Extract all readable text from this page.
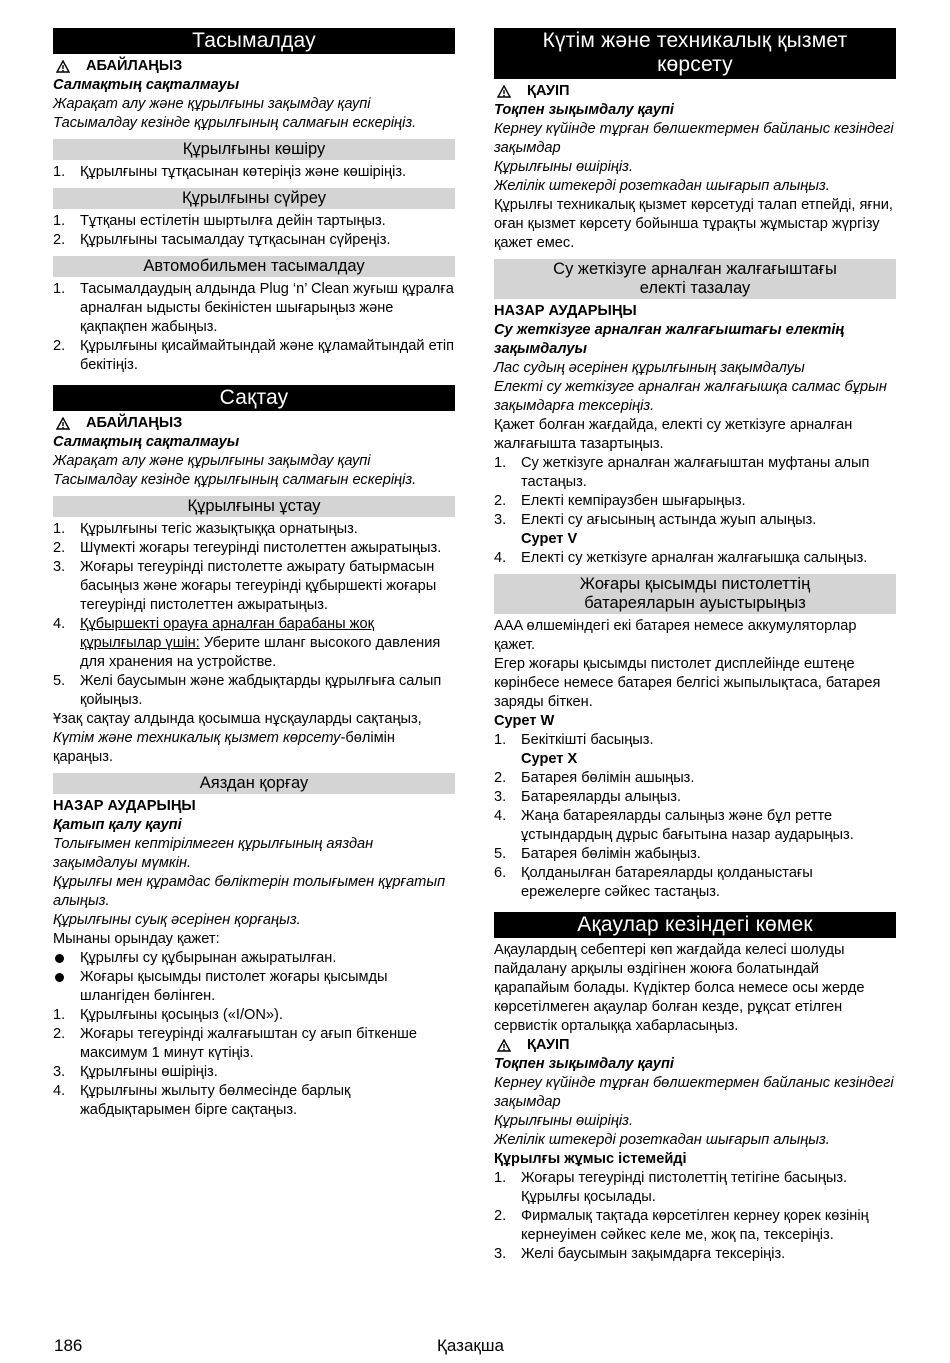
Тасымалдау
АБАЙЛАҢЫЗ
Салмақтың сақталмауы
Жарақат алу және құрылғыны зақымдау қаупі
Тасымалдау кезінде құрылғының салмағын ескеріңіз.
Құрылғыны көшіру
1.	Құрылғыны тұтқасынан көтеріңіз және көшіріңіз.
Құрылғыны сүйреу
1.	Тұтқаны естілетін шыртылға дейін тартыңыз.
2.	Құрылғыны тасымалдау тұтқасынан сүйреңіз.
Автомобильмен тасымалдау
1.	Тасымалдаудың алдында Plug ‘n’ Clean жуғыш құралға арналған ыдысты бекіністен шығарыңыз және қақпақпен жабыңыз.
2.	Құрылғыны қисаймайтындай және құламайтындай етіп бекітіңіз.
Сақтау
АБАЙЛАҢЫЗ
Салмақтың сақталмауы
Жарақат алу және құрылғыны зақымдау қаупі
Тасымалдау кезінде құрылғының салмағын ескеріңіз.
Құрылғыны ұстау
1.	Құрылғыны тегіс жазықтыққа орнатыңыз.
2.	Шүмекті жоғары тегеурінді пистолеттен ажыратыңыз.
3.	Жоғары тегеурінді пистолетте ажырату батырмасын басыңыз және жоғары тегеурінді құбыршекті жоғары тегеурінді пистолеттен ажыратыңыз.
4.	Құбыршекті орауға арналған барабаны жоқ құрылғылар үшін: Уберите шланг высокого давления для хранения на устройстве.
5.	Желі баусымын және жабдықтарды құрылғыға салып қойыңыз.
Ұзақ сақтау алдында қосымша нұсқауларды сақтаңыз, Күтім және техникалық қызмет көрсету-бөлімін қараңыз.
Аяздан қорғау
НАЗАР АУДАРЫҢЫ
Қатып қалу қаупі
Толығымен кептірілмеген құрылғының аяздан зақымдалуы мүмкін.
Құрылғы мен құрамдас бөліктерін толығымен құрғатып алыңыз.
Құрылғыны суық әсерінен қорғаңыз.
Мынаны орындау қажет:
Құрылғы су құбырынан ажыратылған.
Жоғары қысымды пистолет жоғары қысымды шлангіден бөлінген.
1.	Құрылғыны қосыңыз («I/ON»).
2.	Жоғары тегеурінді жалғағыштан су ағып біткенше максимум 1 минут күтіңіз.
3.	Құрылғыны өшіріңіз.
4.	Құрылғыны жылыту бөлмесінде барлық жабдықтарымен бірге сақтаңыз.
Күтім және техникалық қызмет
көрсету
ҚАУІП
Тоқпен зықымдалу қаупі
Кернеу күйінде тұрған бөлшектермен байланыс кезіндегі зақымдар
Құрылғыны өшіріңіз.
Желілік штекерді розеткадан шығарып алыңыз.
Құрылғы техникалық қызмет көрсетуді талап етпейді, яғни, оған қызмет көрсету бойынша тұрақты жұмыстар жүргізу қажет емес.
Су жеткізуге арналған жалғағыштағы
електі тазалау
НАЗАР АУДАРЫҢЫ
Су жеткізуге арналған жалғағыштағы електің зақымдалуы
Лас судың әсерінен құрылғының зақымдалуы
Електі су жеткізуге арналған жалғағышқа салмас бұрын зақымдарға тексеріңіз.
Қажет болған жағдайда, електі су жеткізуге арналған жалғағышта тазартыңыз.
1.	Су жеткізуге арналған жалғағыштан муфтаны алып тастаңыз.
2.	Електі кемпіраузбен шығарыңыз.
3.	Електі су ағысының астында жуып алыңыз.
Сурет V
4.	Електі су жеткізуге арналған жалғағышқа салыңыз.
Жоғары қысымды пистолеттің
батареяларын ауыстырыңыз
AAA өлшеміндегі екі батарея немесе аккумуляторлар қажет.
Егер жоғары қысымды пистолет дисплейінде ештеңе көрінбесе немесе батарея белгісі жыпылықтаса, батарея заряды біткен.
Сурет W
1.	Бекіткішті басыңыз.
Сурет X
2.	Батарея бөлімін ашыңыз.
3.	Батареяларды алыңыз.
4.	Жаңа батареяларды салыңыз және бұл ретте ұстындардың дұрыс бағытына назар аударыңыз.
5.	Батарея бөлімін жабыңыз.
6.	Қолданылған батареяларды қолданыстағы ережелерге сәйкес тастаңыз.
Ақаулар кезіндегі көмек
Ақаулардың себептері көп жағдайда келесі шолуды пайдалану арқылы өздігінен жоюға болатындай қарапайым болады. Күдіктер болса немесе осы жерде көрсетілмеген ақаулар болған кезде, рұқсат етілген сервистік орталыққа хабарласыңыз.
ҚАУІП
Тоқпен зықымдалу қаупі
Кернеу күйінде тұрған бөлшектермен байланыс кезіндегі зақымдар
Құрылғыны өшіріңіз.
Желілік штекерді розеткадан шығарып алыңыз.
Құрылғы жұмыс істемейді
1.	Жоғары тегеурінді пистолеттің тетігіне басыңыз. Құрылғы қосылады.
2.	Фирмалық тақтада көрсетілген кернеу қорек көзінің кернеуімен сәйкес келе ме, жоқ па, тексеріңіз.
3.	Желі баусымын зақымдарға тексеріңіз.
186	Қазақша
